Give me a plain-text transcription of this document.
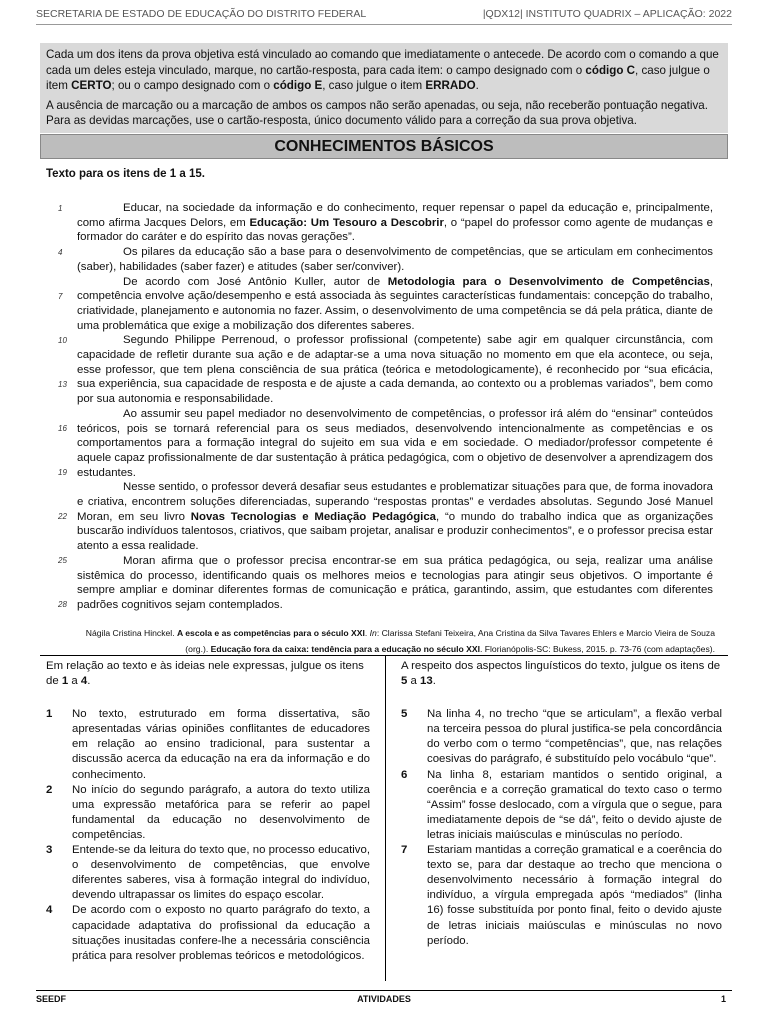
SECRETARIA DE ESTADO DE EDUCAÇÃO DO DISTRITO FEDERAL	|QDX12| INSTITUTO QUADRIX – APLICAÇÃO: 2022

Cada um dos itens da prova objetiva está vinculado ao comando que imediatamente o antecede. De acordo com o comando a que cada um deles esteja vinculado, marque, no cartão-resposta, para cada item: o campo designado com o código C, caso julgue o item CERTO; ou o campo designado com o código E, caso julgue o item ERRADO.

A ausência de marcação ou a marcação de ambos os campos não serão apenadas, ou seja, não receberão pontuação negativa. Para as devidas marcações, use o cartão-resposta, único documento válido para a correção da sua prova objetiva.

CONHECIMENTOS BÁSICOS
Texto para os itens de 1 a 15.
1
4
7
10
13
16
19
22
25
28

Educar, na sociedade da informação e do conhecimento, requer repensar o papel da educação e, principalmente, como afirma Jacques Delors, em Educação: Um Tesouro a Descobrir, o “papel do professor como agente de mudanças e formador do caráter e do espírito das novas gerações”.

Os pilares da educação são a base para o desenvolvimento de competências, que se articulam em conhecimentos (saber), habilidades (saber fazer) e atitudes (saber ser/conviver).

De acordo com José Antônio Kuller, autor de Metodologia para o Desenvolvimento de Competências, competência envolve ação/desempenho e está associada às seguintes características fundamentais: concepção do trabalho, criatividade, planejamento e autonomia no fazer. Assim, o desenvolvimento de uma competência se dá pela prática, diante de uma problemática que exige a mobilização dos diferentes saberes.

Segundo Philippe Perrenoud, o professor profissional (competente) sabe agir em qualquer circunstância, com capacidade de refletir durante sua ação e de adaptar-se a uma nova situação no momento em que ela acontece, ou seja, esse professor, que tem plena consciência de sua prática (teórica e metodologicamente), é reconhecido por “sua eficácia, sua experiência, sua capacidade de resposta e de ajuste a cada demanda, ao contexto ou a problemas variados”, bem como por sua autonomia e responsabilidade.

Ao assumir seu papel mediador no desenvolvimento de competências, o professor irá além do “ensinar” conteúdos teóricos, pois se tornará referencial para os seus mediados, desenvolvendo intencionalmente as competências e os comportamentos para a formação integral do sujeito em sua vida e em sociedade. O mediador/professor competente é aquele capaz profissionalmente de dar sustentação à prática pedagógica, com o objetivo de desenvolver a aprendizagem dos estudantes.

Nesse sentido, o professor deverá desafiar seus estudantes e problematizar situações para que, de forma inovadora e criativa, encontrem soluções diferenciadas, superando “respostas prontas” e verdades absolutas. Segundo José Manuel Moran, em seu livro Novas Tecnologias e Mediação Pedagógica, “o mundo do trabalho indica que as organizações buscarão indivíduos talentosos, criativos, que saibam projetar, analisar e produzir conhecimentos”, e o professor precisa estar atento a essa realidade.

Moran afirma que o professor precisa encontrar-se em sua prática pedagógica, ou seja, realizar uma análise sistêmica do processo, identificando quais os melhores meios e tecnologias para atingir seus objetivos. O importante é sempre ampliar e dominar diferentes formas de comunicação e prática, garantindo, assim, que estudantes com diferentes padrões cognitivos sejam contemplados.

Nágila Cristina Hinckel. A escola e as competências para o século XXI. In: Clarissa Stefani Teixeira, Ana Cristina da Silva Tavares Ehlers e Marcio Vieira de Souza (org.). Educação fora da caixa: tendência para a educação no século XXI. Florianópolis-SC: Bukess, 2015. p. 73-76 (com adaptações).

Em relação ao texto e às ideias nele expressas, julgue os itens de 1 a 4.

1 No texto, estruturado em forma dissertativa, são apresentadas várias opiniões conflitantes de educadores em relação ao ensino tradicional, para sustentar a discussão acerca da educação na era da informação e do conhecimento.
2 No início do segundo parágrafo, a autora do texto utiliza uma expressão metafórica para se referir ao papel fundamental da educação no desenvolvimento de competências.
3 Entende-se da leitura do texto que, no processo educativo, o desenvolvimento de competências, que envolve diferentes saberes, visa à formação integral do indivíduo, devendo ultrapassar os limites do espaço escolar.
4 De acordo com o exposto no quarto parágrafo do texto, a capacidade adaptativa do profissional da educação a situações inusitadas confere-lhe a necessária consciência prática para resolver problemas teóricos e metodológicos.

A respeito dos aspectos linguísticos do texto, julgue os itens de 5 a 13.

5 Na linha 4, no trecho “que se articulam”, a flexão verbal na terceira pessoa do plural justifica-se pela concordância do verbo com o termo “competências”, que, nas relações coesivas do parágrafo, é substituído pelo vocábulo “que”.
6 Na linha 8, estariam mantidos o sentido original, a coerência e a correção gramatical do texto caso o termo “Assim” fosse deslocado, com a vírgula que o segue, para imediatamente depois de “se dá”, feito o devido ajuste de letras iniciais maiúsculas e minúsculas no período.
7 Estariam mantidas a correção gramatical e a coerência do texto se, para dar destaque ao trecho que menciona o desenvolvimento necessário à formação integral do indivíduo, a vírgula empregada após “mediados” (linha 16) fosse substituída por ponto final, feito o devido ajuste de letras iniciais maiúsculas e minúsculas no novo período.
SEEDF	ATIVIDADES	1
